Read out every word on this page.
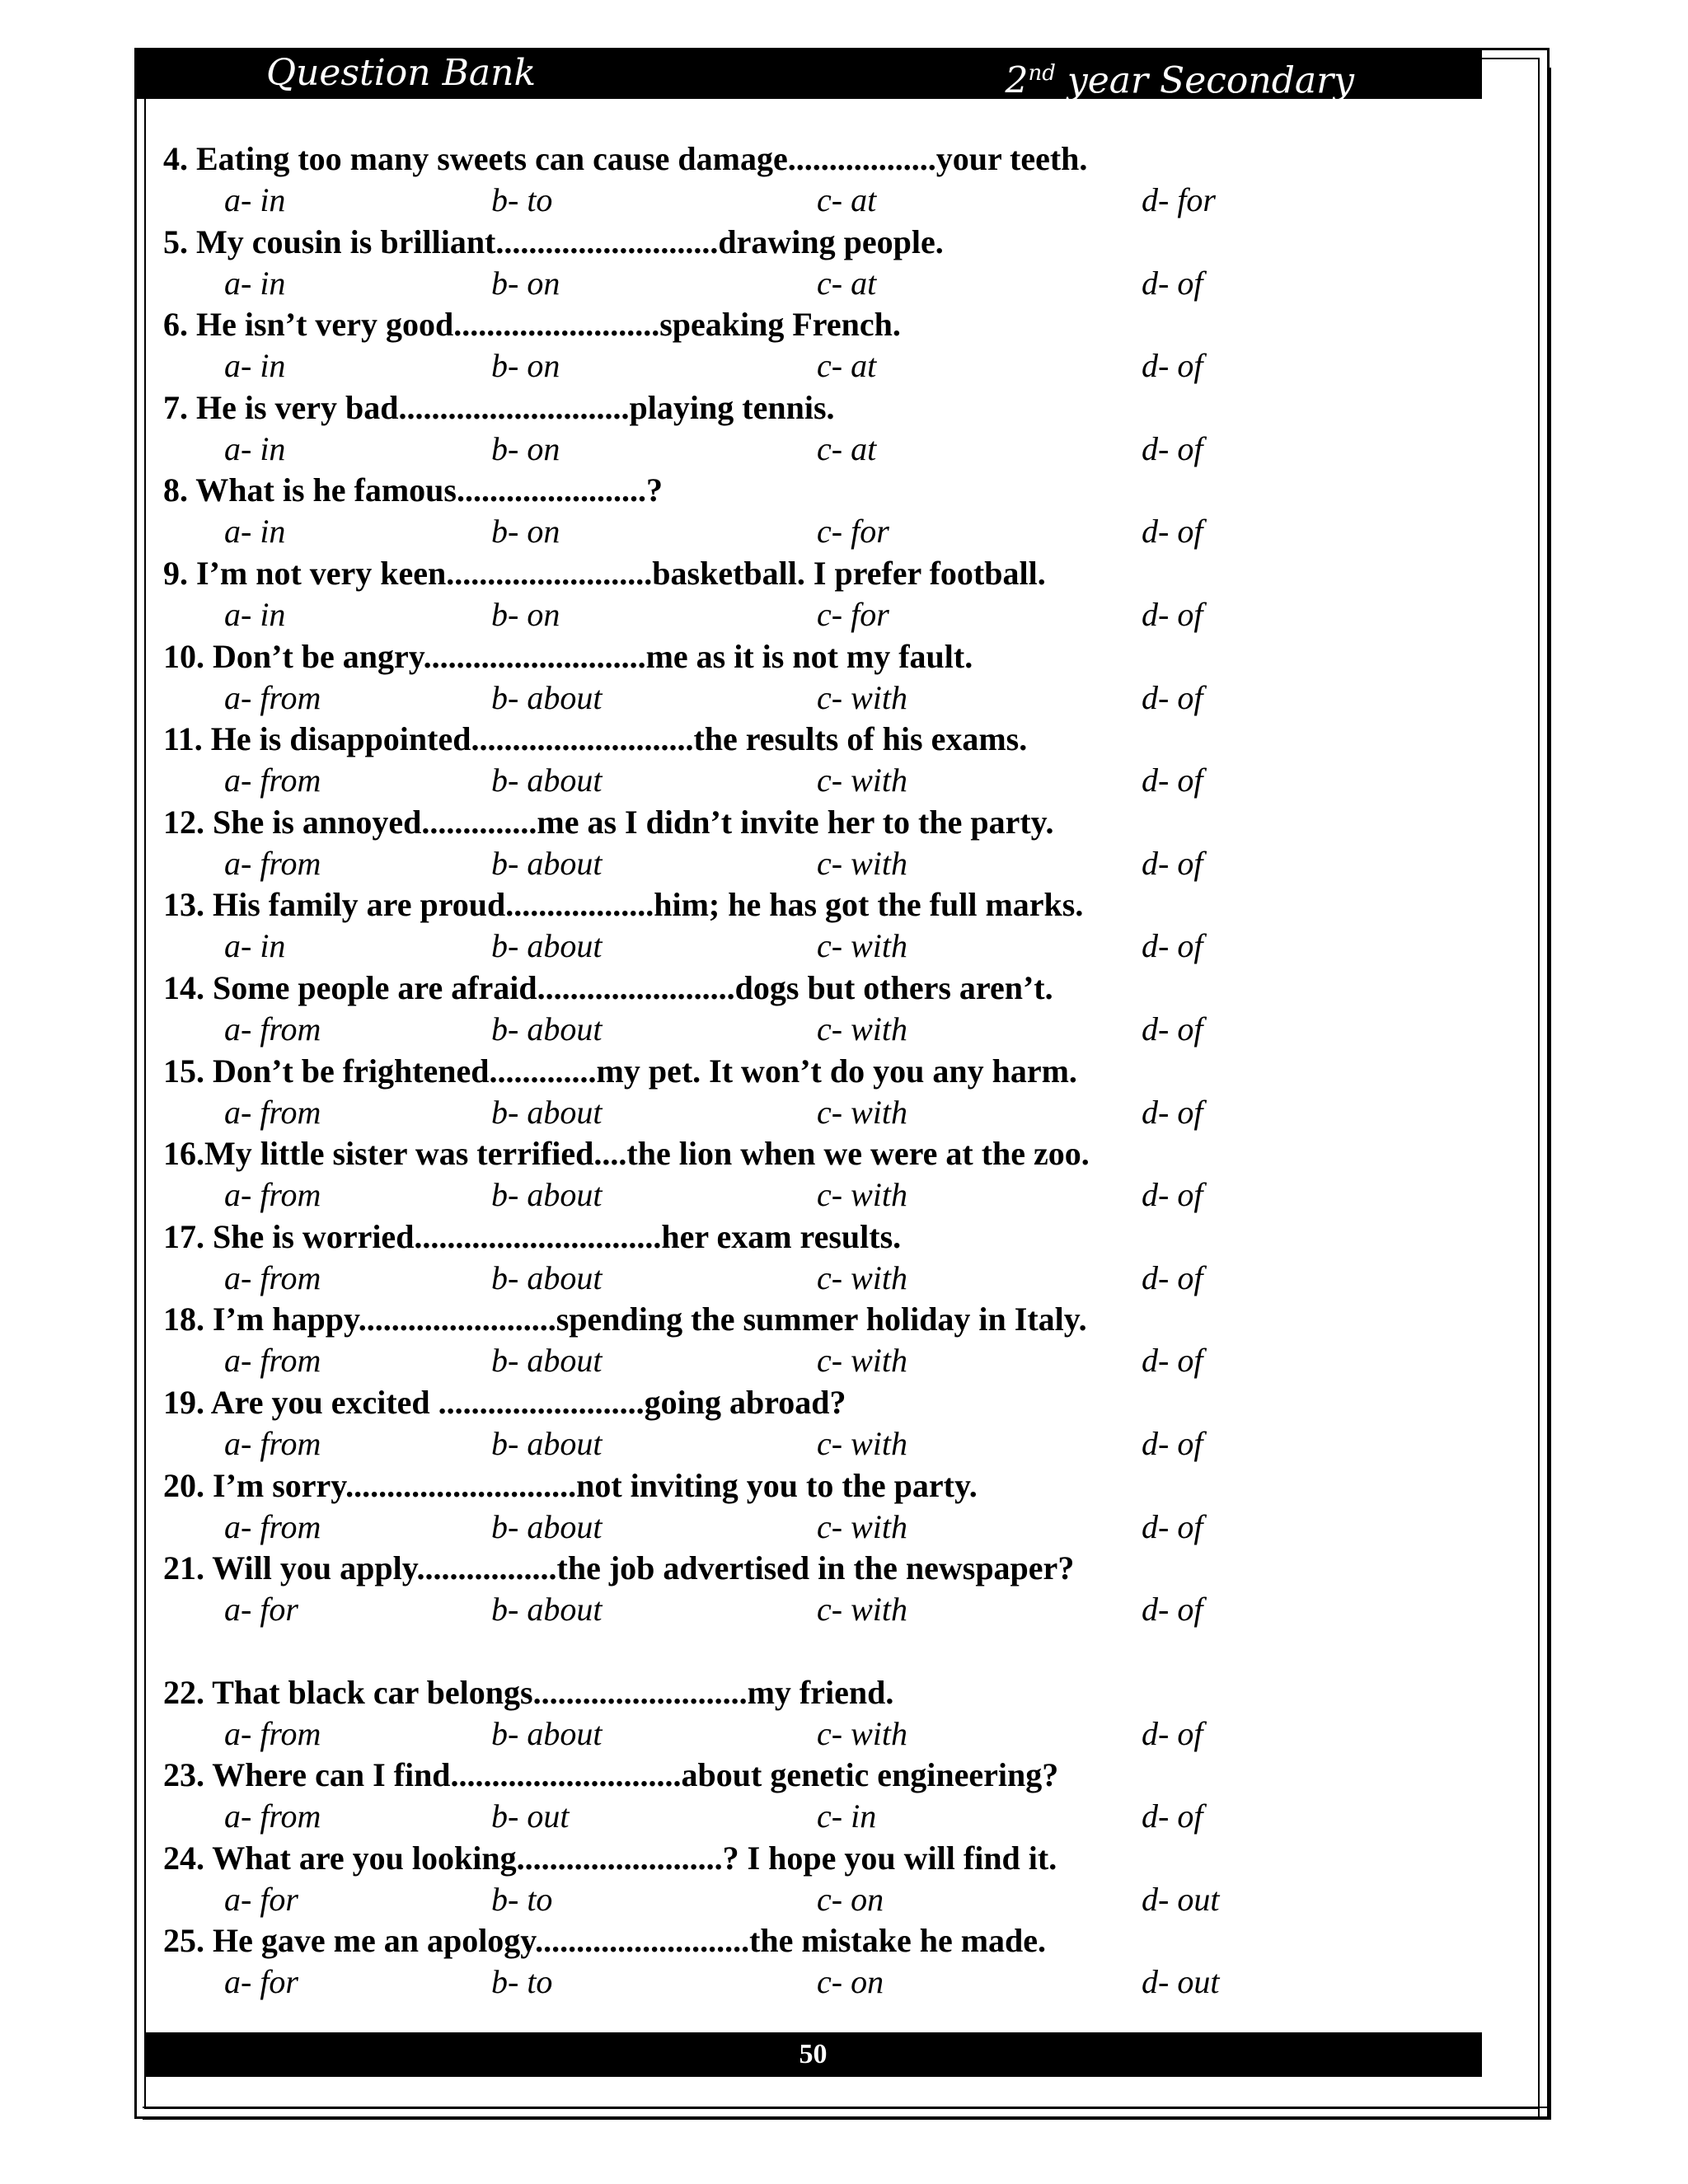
Question Bank	2nd year Secondary
4. Eating too many sweets can cause damage..................your teeth.
a- in	b- to	c- at	d- for
5. My cousin is brilliant...........................drawing people.
a- in	b- on	c- at	d- of
6. He isn’t very good.........................speaking French.
a- in	b- on	c- at	d- of
7. He is very bad............................playing tennis.
a- in	b- on	c- at	d- of
8. What is he famous.......................?
a- in	b- on	c- for	d- of
9. I’m not very keen.........................basketball. I prefer football.
a- in	b- on	c- for	d- of
10. Don’t be angry...........................me as it is not my fault.
a- from	b- about	c- with	d- of
11. He is disappointed...........................the results of his exams.
a- from	b- about	c- with	d- of
12. She is annoyed..............me as I didn’t invite her to the party.
a- from	b- about	c- with	d- of
13. His family are proud..................him; he has got the full marks.
a- in	b- about	c- with	d- of
14. Some people are afraid........................dogs but others aren’t.
a- from	b- about	c- with	d- of
15. Don’t be frightened.............my pet. It won’t do you any harm.
a- from	b- about	c- with	d- of
16.My little sister was terrified....the lion when we were at the zoo.
a- from	b- about	c- with	d- of
17. She is worried..............................her exam results.
a- from	b- about	c- with	d- of
18. I’m happy........................spending the summer holiday in Italy.
a- from	b- about	c- with	d- of
19. Are you excited .........................going abroad?
a- from	b- about	c- with	d- of
20. I’m sorry............................not inviting you to the party.
a- from	b- about	c- with	d- of
21. Will you apply.................the job advertised in the newspaper?
a- for	b- about	c- with	d- of
22. That black car belongs..........................my friend.
a- from	b- about	c- with	d- of
23. Where can I find............................about genetic engineering?
a- from	b- out	c- in	d- of
24. What are you looking.........................? I hope you will find it.
a- for	b- to	c- on	d- out
25. He gave me an apology..........................the mistake he made.
a- for	b- to	c- on	d- out
50
